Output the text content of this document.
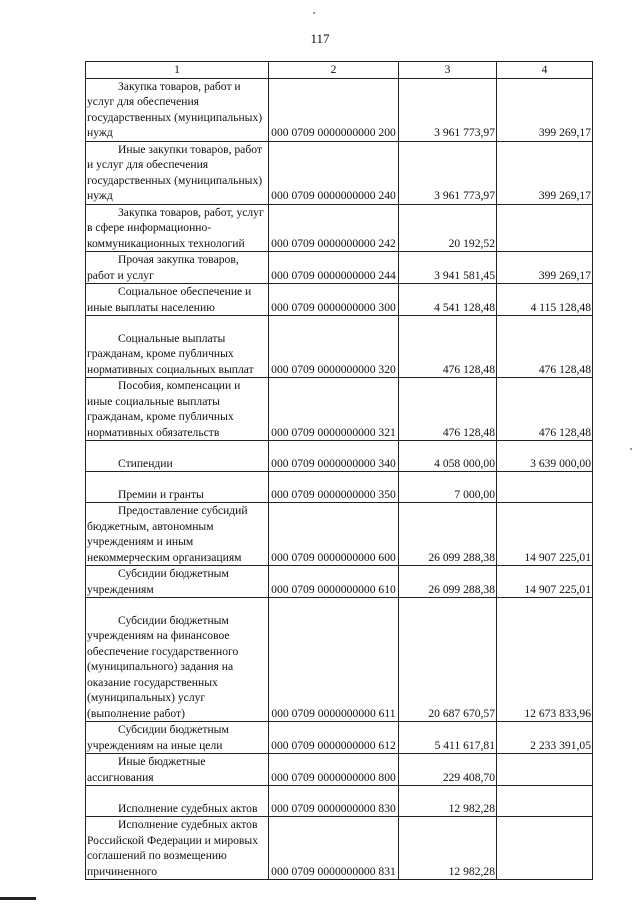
117
1	2	3	4
Закупка товаров, работ и услуг для обеспечения государственных (муниципальных) нужд	000 0709 0000000000 200	3 961 773,97	399 269,17
Иные закупки товаров, работ и услуг для обеспечения государственных (муниципальных) нужд	000 0709 0000000000 240	3 961 773,97	399 269,17
Закупка товаров, работ, услуг в сфере информационно-коммуникационных технологий	000 0709 0000000000 242	20 192,52	
Прочая закупка товаров, работ и услуг	000 0709 0000000000 244	3 941 581,45	399 269,17
Социальное обеспечение и иные выплаты населению	000 0709 0000000000 300	4 541 128,48	4 115 128,48
Социальные выплаты гражданам, кроме публичных нормативных социальных выплат	000 0709 0000000000 320	476 128,48	476 128,48
Пособия, компенсации и иные социальные выплаты гражданам, кроме публичных нормативных обязательств	000 0709 0000000000 321	476 128,48	476 128,48
Стипендии	000 0709 0000000000 340	4 058 000,00	3 639 000,00
Премии и гранты	000 0709 0000000000 350	7 000,00	
Предоставление субсидий бюджетным, автономным учреждениям и иным некоммерческим организациям	000 0709 0000000000 600	26 099 288,38	14 907 225,01
Субсидии бюджетным учреждениям	000 0709 0000000000 610	26 099 288,38	14 907 225,01
Субсидии бюджетным учреждениям на финансовое обеспечение государственного (муниципального) задания на оказание государственных (муниципальных) услуг (выполнение работ)	000 0709 0000000000 611	20 687 670,57	12 673 833,96
Субсидии бюджетным учреждениям на иные цели	000 0709 0000000000 612	5 411 617,81	2 233 391,05
Иные бюджетные ассигнования	000 0709 0000000000 800	229 408,70	
Исполнение судебных актов	000 0709 0000000000 830	12 982,28	
Исполнение судебных актов Российской Федерации и мировых соглашений по возмещению причиненного	000 0709 0000000000 831	12 982,28	
